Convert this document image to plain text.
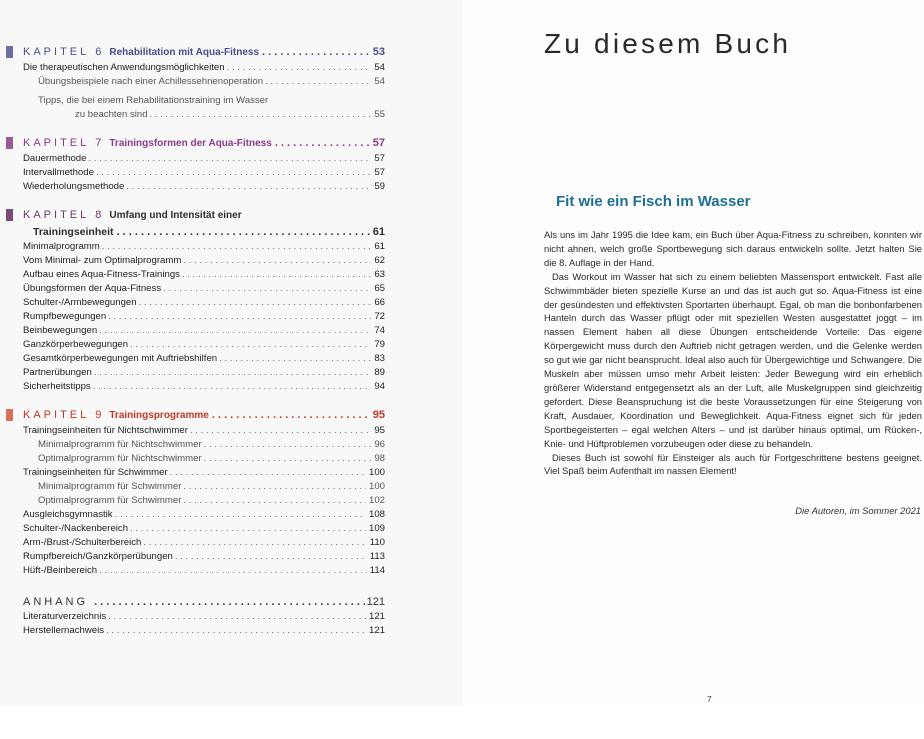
KAPITEL 6 Rehabilitation mit Aqua-Fitness . . .	53
Die therapeutischen Anwendungsmöglichkeiten . . .	54
Übungsbeispiele nach einer Achillessehnenoperation . . .	54
Tipps, die bei einem Rehabilitationstraining im Wasser
zu beachten sind . . .	55
KAPITEL 7 Trainingsformen der Aqua-Fitness . . .	57
Dauermethode . . .	57
Intervallmethode . . .	57
Wiederholungsmethode . . .	59
KAPITEL 8 Umfang und Intensität einer
Trainingseinheit . . .	61
Minimalprogramm . . .	61
Vom Minimal- zum Optimalprogramm . . .	62
Aufbau eines Aqua-Fitness-Trainings . . .	63
Übungsformen der Aqua-Fitness . . .	65
Schulter-/Armbewegungen . . .	66
Rumpfbewegungen . . .	72
Beinbewegungen . . .	74
Ganzkörperbewegungen . . .	79
Gesamtkörperbewegungen mit Auftriebshilfen . . .	83
Partnerübungen . . .	89
Sicherheitstipps . . .	94
KAPITEL 9 Trainingsprogramme . . .	95
Trainingseinheiten für Nichtschwimmer . . .	95
Minimalprogramm für Nichtschwimmer . . .	96
Optimalprogramm für Nichtschwimmer . . .	98
Trainingseinheiten für Schwimmer . . .	100
Minimalprogramm für Schwimmer . . .	100
Optimalprogramm für Schwimmer . . .	102
Ausgleichsgymnastik . . .	108
Schulter-/Nackenbereich . . .	109
Arm-/Brust-/Schulterbereich . . .	110
Rumpfbereich/Ganzkörperübungen . . .	113
Hüft-/Beinbereich . . .	114
ANHANG . . .	121
Literaturverzeichnis . . .	121
Herstellernachweis . . .	121
Zu diesem Buch
Fit wie ein Fisch im Wasser

Als uns im Jahr 1995 die Idee kam, ein Buch über Aqua-Fitness zu schreiben, konnten wir nicht ahnen, welch große Sportbewegung sich daraus entwickeln sollte. Jetzt halten Sie die 8. Auflage in der Hand.

Das Workout im Wasser hat sich zu einem beliebten Massensport entwickelt. Fast alle Schwimmbäder bieten spezielle Kurse an und das ist auch gut so. Aqua-Fitness ist eine der gesündesten und effektivsten Sportarten überhaupt. Egal, ob man die bonbonfarbenen Hanteln durch das Wasser pflügt oder mit speziellen Westen ausgestattet joggt – im nassen Element haben all diese Übungen entscheidende Vorteile: Das eigene Körpergewicht muss durch den Auftrieb nicht getragen werden, und die Gelenke werden so gut wie gar nicht beansprucht. Ideal also auch für Übergewichtige und Schwangere. Die Muskeln aber müssen umso mehr Arbeit leisten: Jeder Bewegung wird ein erheblich größerer Widerstand entgegensetzt als an der Luft, alle Muskelgruppen sind gleichzeitig gefordert. Diese Beanspruchung ist die beste Voraussetzungen für eine Steigerung von Kraft, Ausdauer, Koordination und Beweglichkeit. Aqua-Fitness eignet sich für jeden Sportbegeisterten – egal welchen Alters – und ist darüber hinaus optimal, um Rücken-, Knie- und Hüftproblemen vorzubeugen oder diese zu behandeln.

Dieses Buch ist sowohl für Einsteiger als auch für Fortgeschrittene bestens geeignet. Viel Spaß beim Aufenthalt im nassen Element!

Die Autoren, im Sommer 2021
7
